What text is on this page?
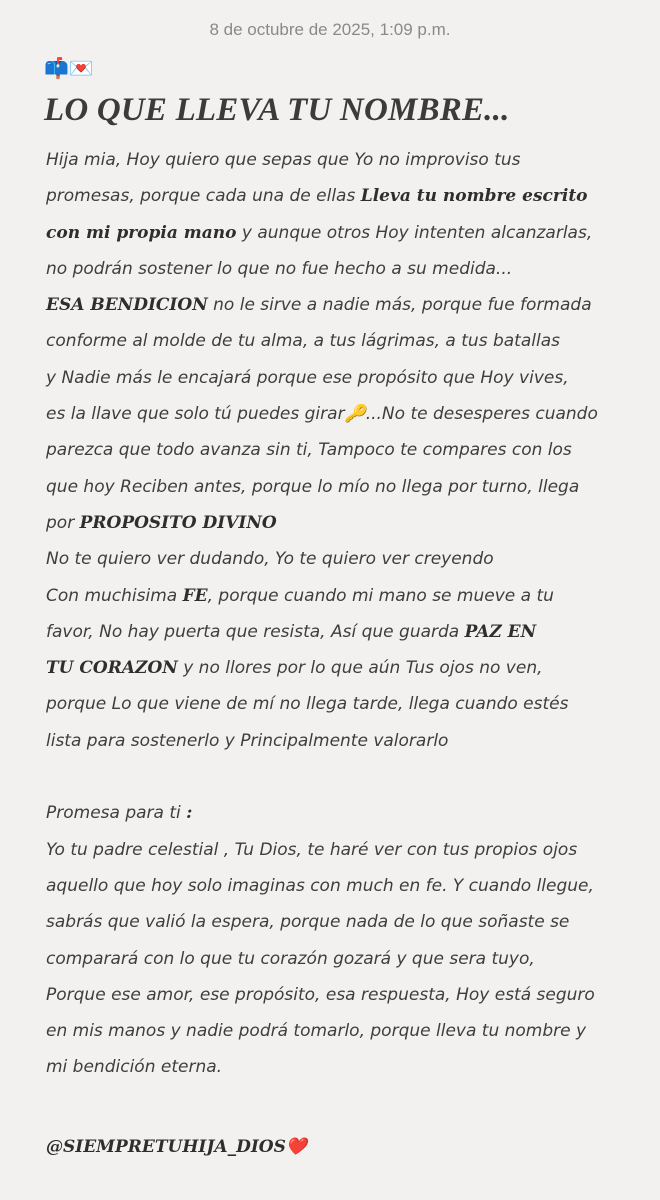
8 de octubre de 2025, 1:09 p.m.
📫💌
LO QUE LLEVA TU NOMBRE...
Hija mia, Hoy quiero que sepas que Yo no improviso tus
promesas, porque cada una de ellas Lleva tu nombre escrito
con mi propia mano y aunque otros Hoy intenten alcanzarlas,
no podrán sostener lo que no fue hecho a su medida...
ESA BENDICION no le sirve a nadie más, porque fue formada
conforme al molde de tu alma, a tus lágrimas, a tus batallas
y Nadie más le encajará porque ese propósito que Hoy vives,
es la llave que solo tú puedes girar🔑...No te desesperes cuando
parezca que todo avanza sin ti, Tampoco te compares con los
que hoy Reciben antes, porque lo mío no llega por turno, llega
por PROPOSITO DIVINO
No te quiero ver dudando, Yo te quiero ver creyendo
Con muchisima FE, porque cuando mi mano se mueve a tu
favor, No hay puerta que resista, Así que guarda PAZ EN
TU CORAZON y no llores por lo que aún Tus ojos no ven,
porque Lo que viene de mí no llega tarde, llega cuando estés
lista para sostenerlo y Principalmente valorarlo
Promesa para ti :
Yo tu padre celestial , Tu Dios, te haré ver con tus propios ojos
aquello que hoy solo imaginas con much en fe. Y cuando llegue,
sabrás que valió la espera, porque nada de lo que soñaste se
comparará con lo que tu corazón gozará y que sera tuyo,
Porque ese amor, ese propósito, esa respuesta, Hoy está seguro
en mis manos y nadie podrá tomarlo, porque lleva tu nombre y
mi bendición eterna.
@SIEMPRETUHIJA_DIOS❤️
